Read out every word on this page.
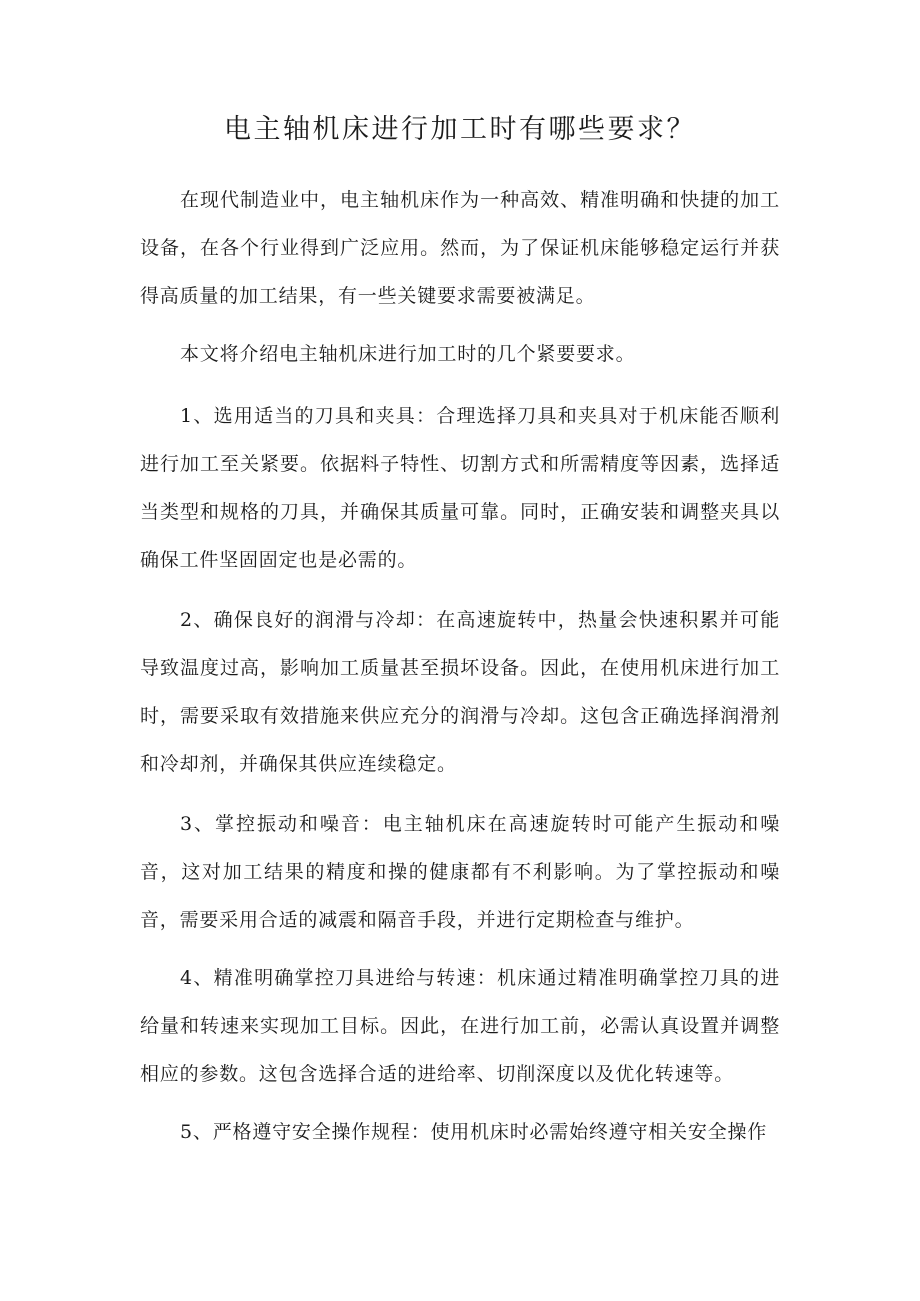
电主轴机床进行加工时有哪些要求？

在现代制造业中，电主轴机床作为一种高效、精准明确和快捷的加工设备，在各个行业得到广泛应用。然而，为了保证机床能够稳定运行并获得高质量的加工结果，有一些关键要求需要被满足。

本文将介绍电主轴机床进行加工时的几个紧要要求。

1、选用适当的刀具和夹具：合理选择刀具和夹具对于机床能否顺利进行加工至关紧要。依据料子特性、切割方式和所需精度等因素，选择适当类型和规格的刀具，并确保其质量可靠。同时，正确安装和调整夹具以确保工件坚固固定也是必需的。

2、确保良好的润滑与冷却：在高速旋转中，热量会快速积累并可能导致温度过高，影响加工质量甚至损坏设备。因此，在使用机床进行加工时，需要采取有效措施来供应充分的润滑与冷却。这包含正确选择润滑剂和冷却剂，并确保其供应连续稳定。

3、掌控振动和噪音：电主轴机床在高速旋转时可能产生振动和噪音，这对加工结果的精度和操的健康都有不利影响。为了掌控振动和噪音，需要采用合适的减震和隔音手段，并进行定期检查与维护。

4、精准明确掌控刀具进给与转速：机床通过精准明确掌控刀具的进给量和转速来实现加工目标。因此，在进行加工前，必需认真设置并调整相应的参数。这包含选择合适的进给率、切削深度以及优化转速等。

5、严格遵守安全操作规程：使用机床时必需始终遵守相关安全操作
